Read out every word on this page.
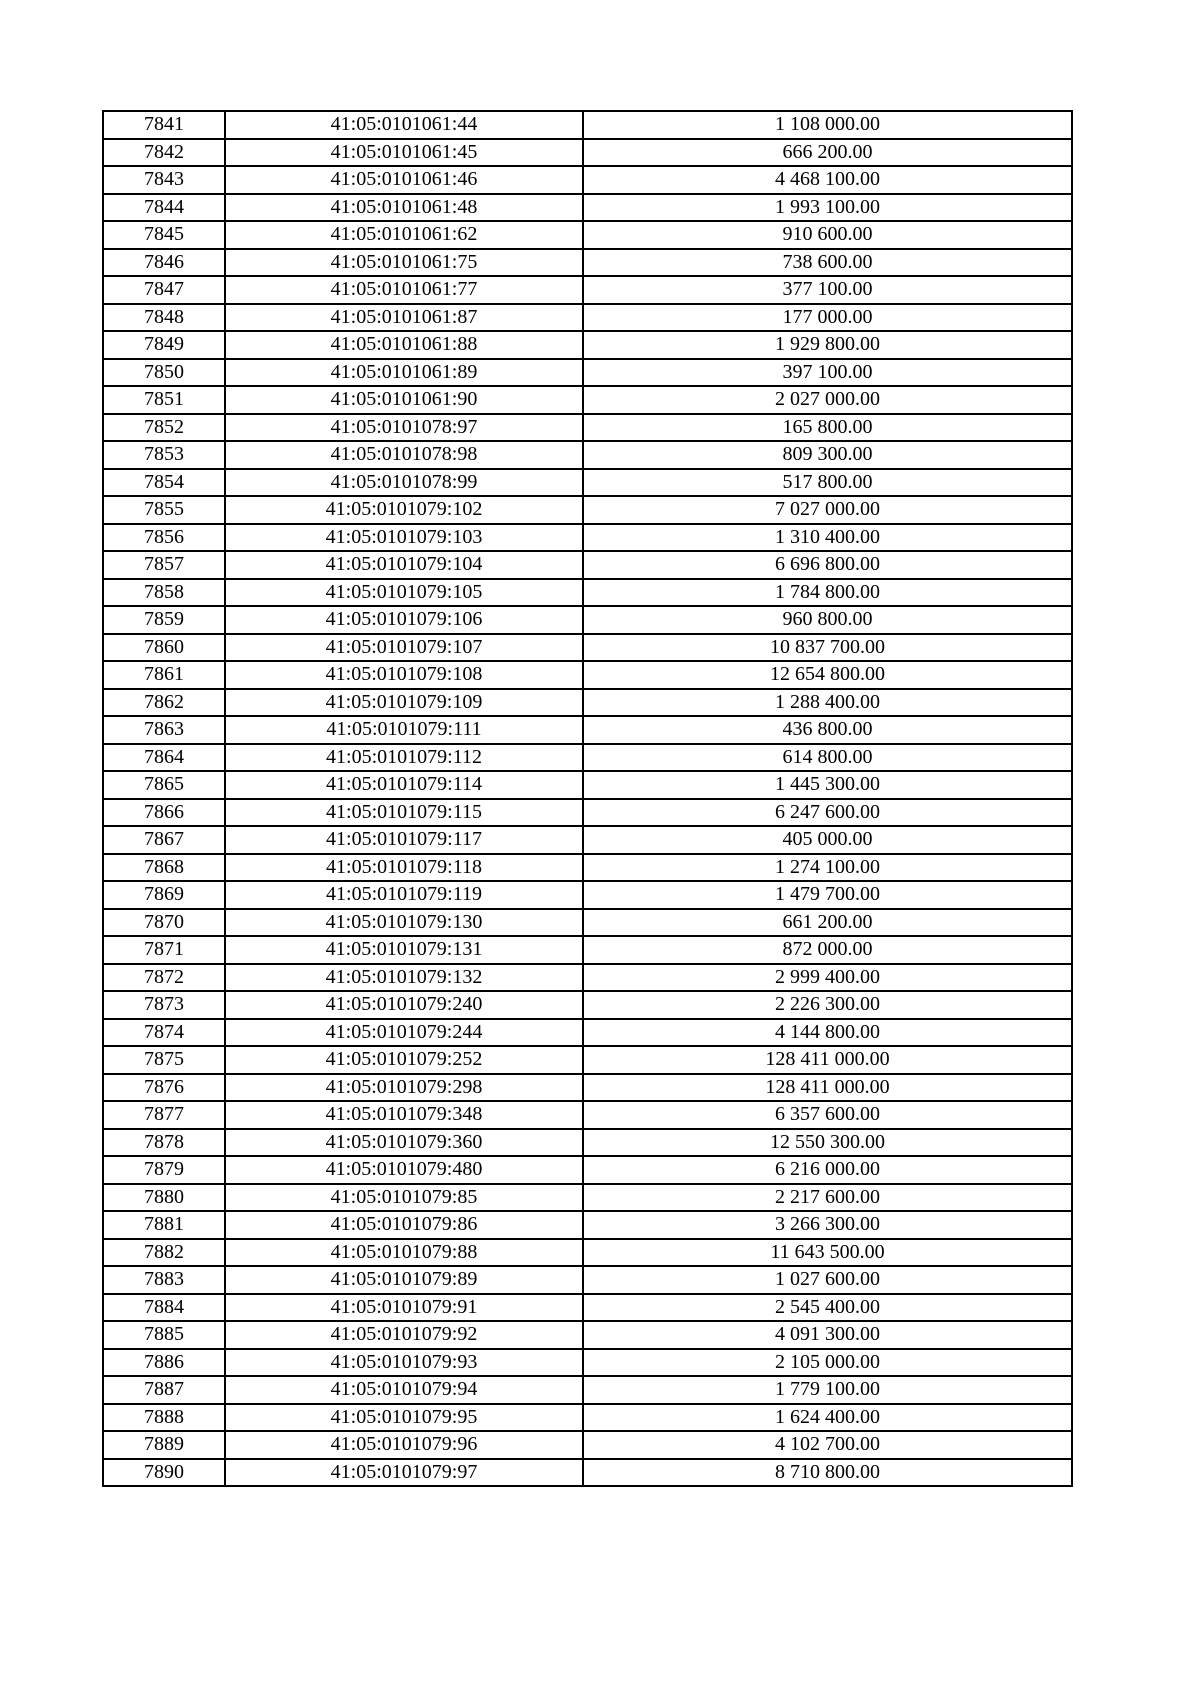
7841	41:05:0101061:44	1 108 000.00
7842	41:05:0101061:45	666 200.00
7843	41:05:0101061:46	4 468 100.00
7844	41:05:0101061:48	1 993 100.00
7845	41:05:0101061:62	910 600.00
7846	41:05:0101061:75	738 600.00
7847	41:05:0101061:77	377 100.00
7848	41:05:0101061:87	177 000.00
7849	41:05:0101061:88	1 929 800.00
7850	41:05:0101061:89	397 100.00
7851	41:05:0101061:90	2 027 000.00
7852	41:05:0101078:97	165 800.00
7853	41:05:0101078:98	809 300.00
7854	41:05:0101078:99	517 800.00
7855	41:05:0101079:102	7 027 000.00
7856	41:05:0101079:103	1 310 400.00
7857	41:05:0101079:104	6 696 800.00
7858	41:05:0101079:105	1 784 800.00
7859	41:05:0101079:106	960 800.00
7860	41:05:0101079:107	10 837 700.00
7861	41:05:0101079:108	12 654 800.00
7862	41:05:0101079:109	1 288 400.00
7863	41:05:0101079:111	436 800.00
7864	41:05:0101079:112	614 800.00
7865	41:05:0101079:114	1 445 300.00
7866	41:05:0101079:115	6 247 600.00
7867	41:05:0101079:117	405 000.00
7868	41:05:0101079:118	1 274 100.00
7869	41:05:0101079:119	1 479 700.00
7870	41:05:0101079:130	661 200.00
7871	41:05:0101079:131	872 000.00
7872	41:05:0101079:132	2 999 400.00
7873	41:05:0101079:240	2 226 300.00
7874	41:05:0101079:244	4 144 800.00
7875	41:05:0101079:252	128 411 000.00
7876	41:05:0101079:298	128 411 000.00
7877	41:05:0101079:348	6 357 600.00
7878	41:05:0101079:360	12 550 300.00
7879	41:05:0101079:480	6 216 000.00
7880	41:05:0101079:85	2 217 600.00
7881	41:05:0101079:86	3 266 300.00
7882	41:05:0101079:88	11 643 500.00
7883	41:05:0101079:89	1 027 600.00
7884	41:05:0101079:91	2 545 400.00
7885	41:05:0101079:92	4 091 300.00
7886	41:05:0101079:93	2 105 000.00
7887	41:05:0101079:94	1 779 100.00
7888	41:05:0101079:95	1 624 400.00
7889	41:05:0101079:96	4 102 700.00
7890	41:05:0101079:97	8 710 800.00
